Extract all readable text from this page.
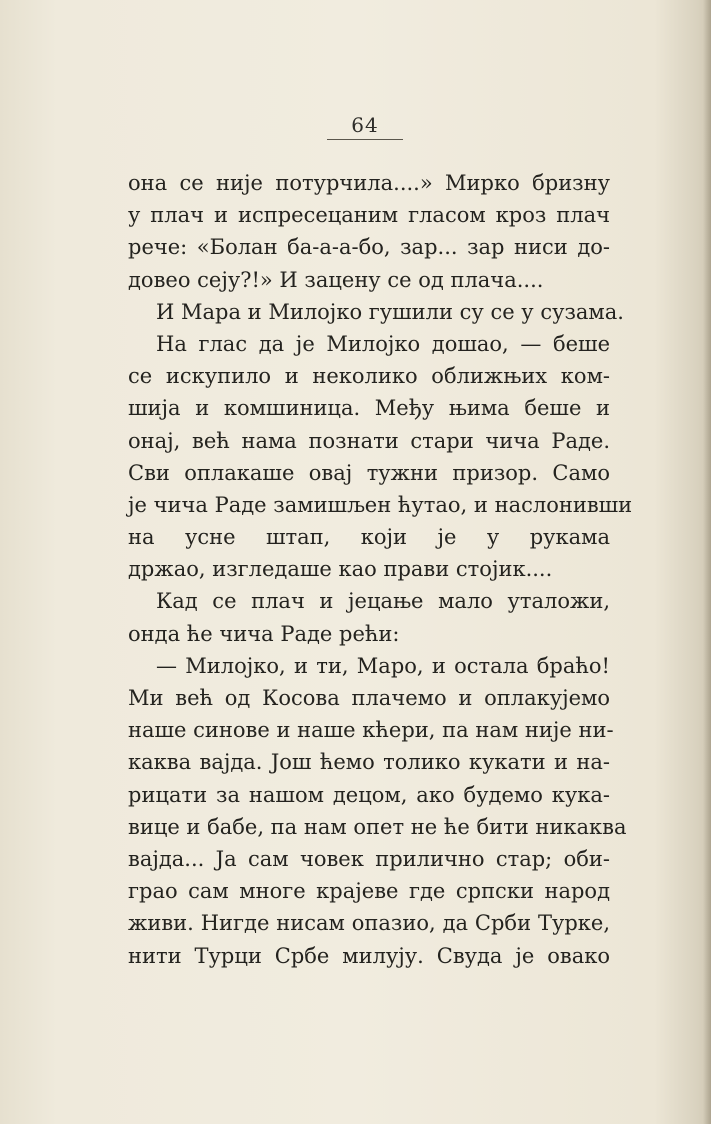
64
она се није потурчила....» Мирко бризну
у плач и испресецаним гласом кроз плач
рече: «Болан ба-а-а-бо, зар... зар ниси до-
довео сеју?!» И зацену се од плача....
И Мара и Милојко гушили су се у сузама.
На глас да је Милојко дошао, — беше
се искупило и неколико оближњих ком-
шија и комшиница. Међу њима беше и
онај, већ нама познати стари чича Раде.
Сви оплакаше овај тужни призор. Само
је чича Раде замишљен ћутао, и наслонивши
на усне штап, који је у рукама
држао, изгледаше као прави стојик....
Кад се плач и јецање мало уталожи,
онда ће чича Раде рећи:
— Милојко, и ти, Маро, и остала браћо!
Ми већ од Косова плачемо и оплакујемо
наше синове и наше кћери, па нам није ни-
каква вајда. Још ћемо толико кукати и на-
рицати за нашом децом, ако будемо кука-
вице и бабе, па нам опет не ће бити никаква
вајда... Ја сам човек прилично стар; оби-
грао сам многе крајеве где српски народ
живи. Нигде нисам опазио, да Срби Турке,
нити Турци Србе милују. Свуда је овако
